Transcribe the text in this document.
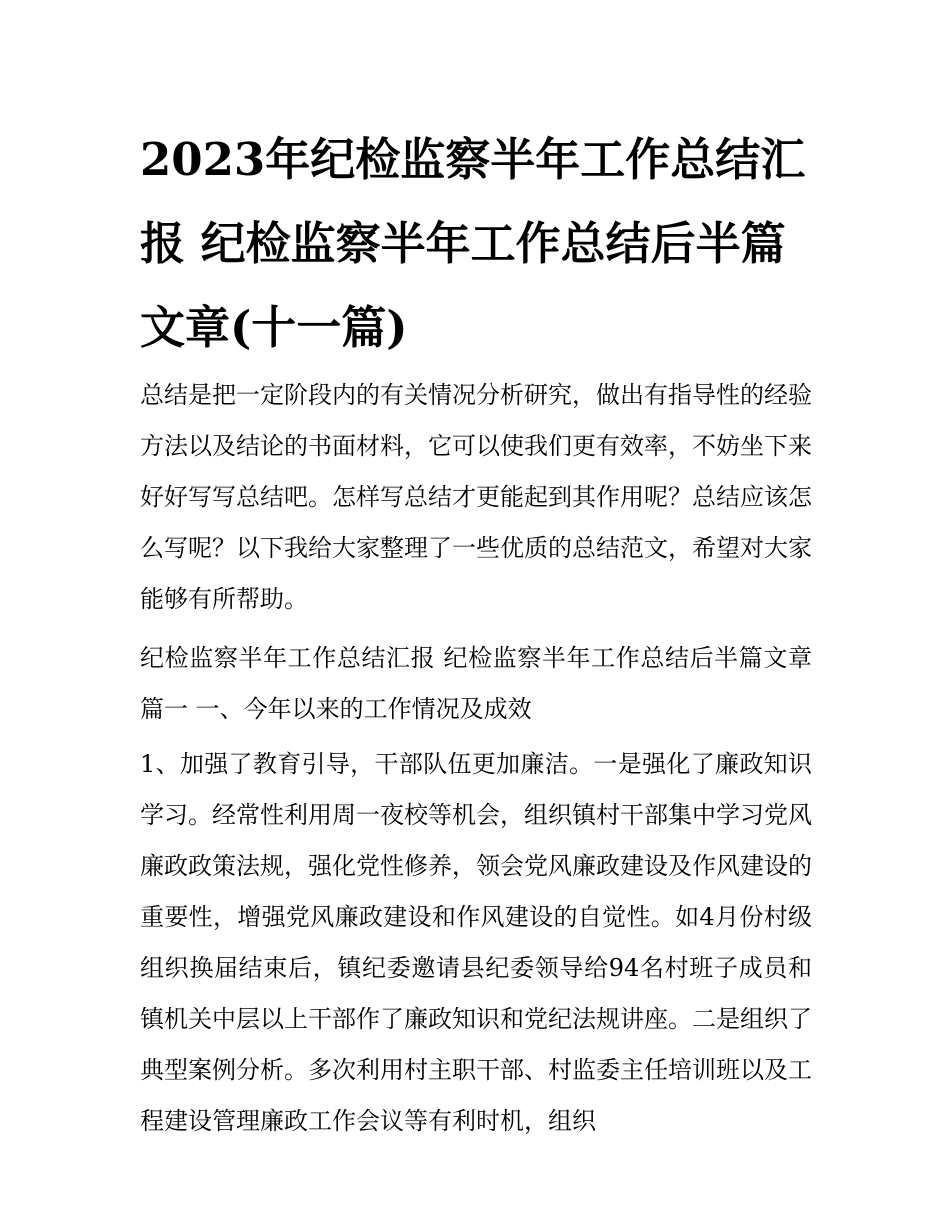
2023年纪检监察半年工作总结汇报 纪检监察半年工作总结后半篇文章(十一篇)

总结是把一定阶段内的有关情况分析研究，做出有指导性的经验方法以及结论的书面材料，它可以使我们更有效率，不妨坐下来好好写写总结吧。怎样写总结才更能起到其作用呢？总结应该怎么写呢？以下我给大家整理了一些优质的总结范文，希望对大家能够有所帮助。

纪检监察半年工作总结汇报 纪检监察半年工作总结后半篇文章篇一 一、今年以来的工作情况及成效

1、加强了教育引导，干部队伍更加廉洁。一是强化了廉政知识学习。经常性利用周一夜校等机会，组织镇村干部集中学习党风廉政政策法规，强化党性修养，领会党风廉政建设及作风建设的重要性，增强党风廉政建设和作风建设的自觉性。如4月份村级组织换届结束后，镇纪委邀请县纪委领导给94名村班子成员和镇机关中层以上干部作了廉政知识和党纪法规讲座。二是组织了典型案例分析。多次利用村主职干部、村监委主任培训班以及工程建设管理廉政工作会议等有利时机，组织
